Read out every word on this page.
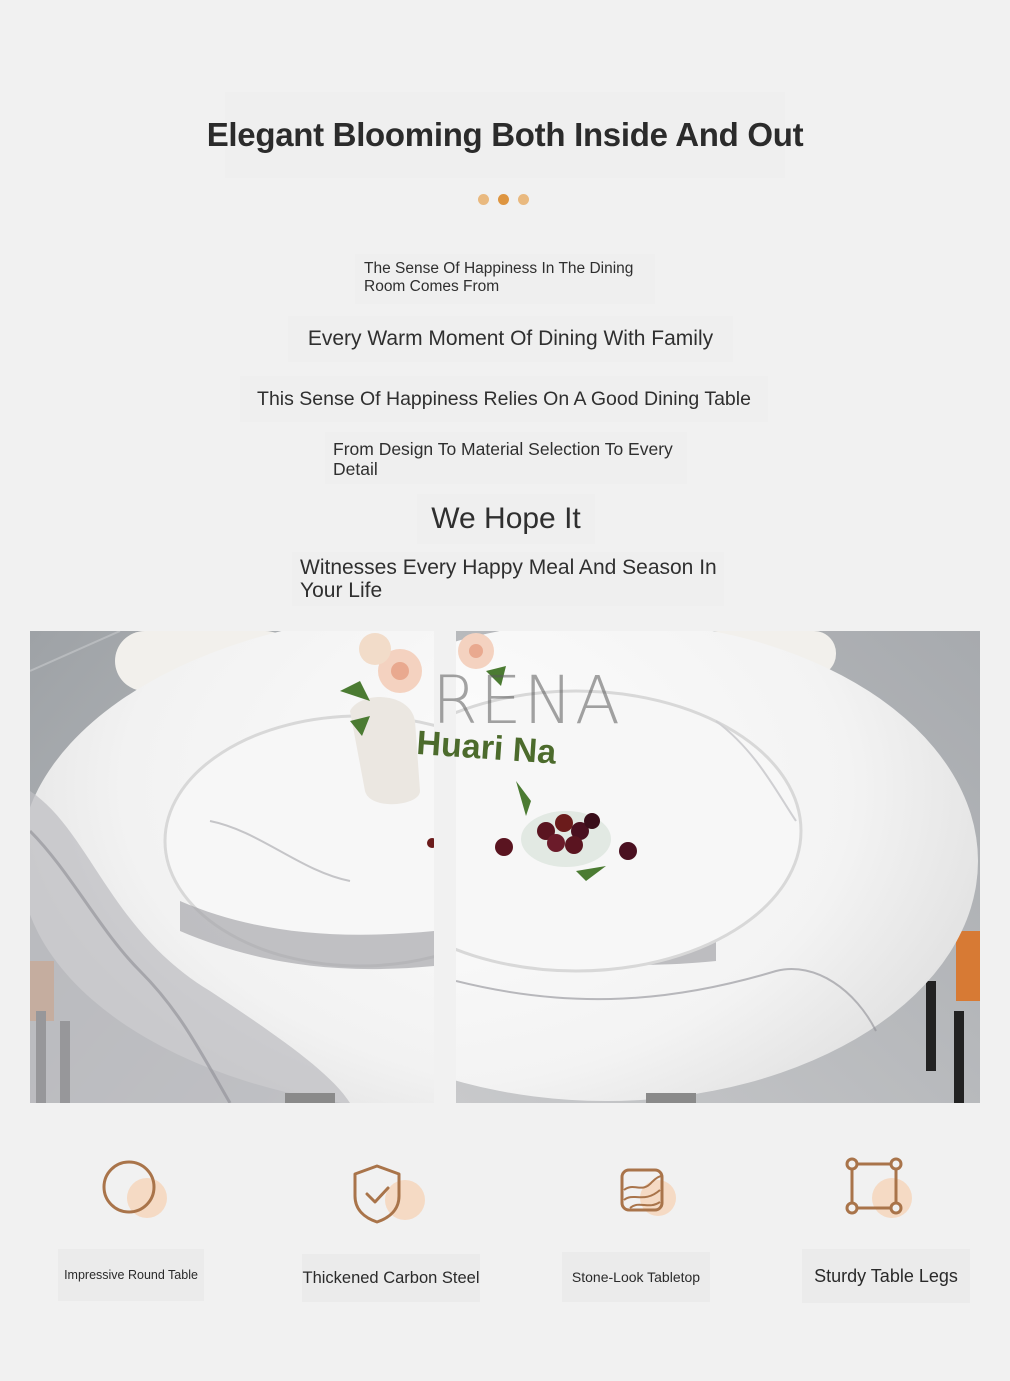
Elegant Blooming Both Inside And Out
The Sense Of Happiness In The Dining Room Comes From
Every Warm Moment Of Dining With Family
This Sense Of Happiness Relies On A Good Dining Table
From Design To Material Selection To Every Detail
We Hope It
Witnesses Every Happy Meal And Season In Your Life
RENA
Huari Na
Impressive Round Table	Thickened Carbon Steel	Stone-Look Tabletop	Sturdy Table Legs
